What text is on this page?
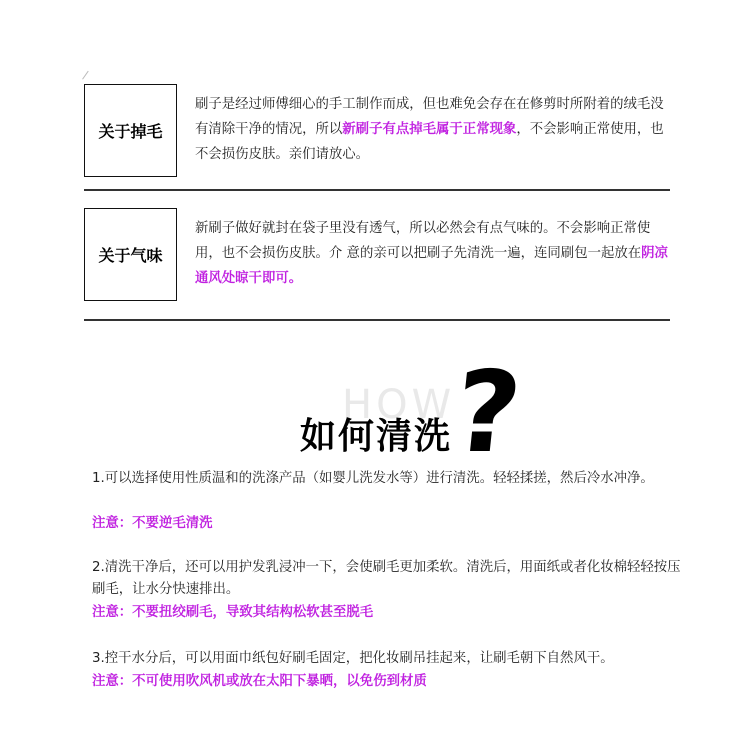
关于掉毛
刷子是经过师傅细心的手工制作而成，但也难免会存在在修剪时所附着的绒毛没有清除干净的情况，所以新刷子有点掉毛属于正常现象，不会影响正常使用，也不会损伤皮肤。亲们请放心。
关于气味
新刷子做好就封在袋子里没有透气，所以必然会有点气味的。不会影响正常使用，也不会损伤皮肤。介 意的亲可以把刷子先清洗一遍，连同刷包一起放在阴凉通风处晾干即可。
HOW
如何清洗
?
1.可以选择使用性质温和的洗涤产品（如婴儿洗发水等）进行清洗。轻轻揉搓，然后冷水冲净。
注意：不要逆毛清洗
2.清洗干净后，还可以用护发乳浸冲一下，会使刷毛更加柔软。清洗后，用面纸或者化妆棉轻轻按压刷毛，让水分快速排出。
注意：不要扭绞刷毛，导致其结构松软甚至脱毛
3.控干水分后，可以用面巾纸包好刷毛固定，把化妆刷吊挂起来，让刷毛朝下自然风干。
注意：不可使用吹风机或放在太阳下暴晒，以免伤到材质
